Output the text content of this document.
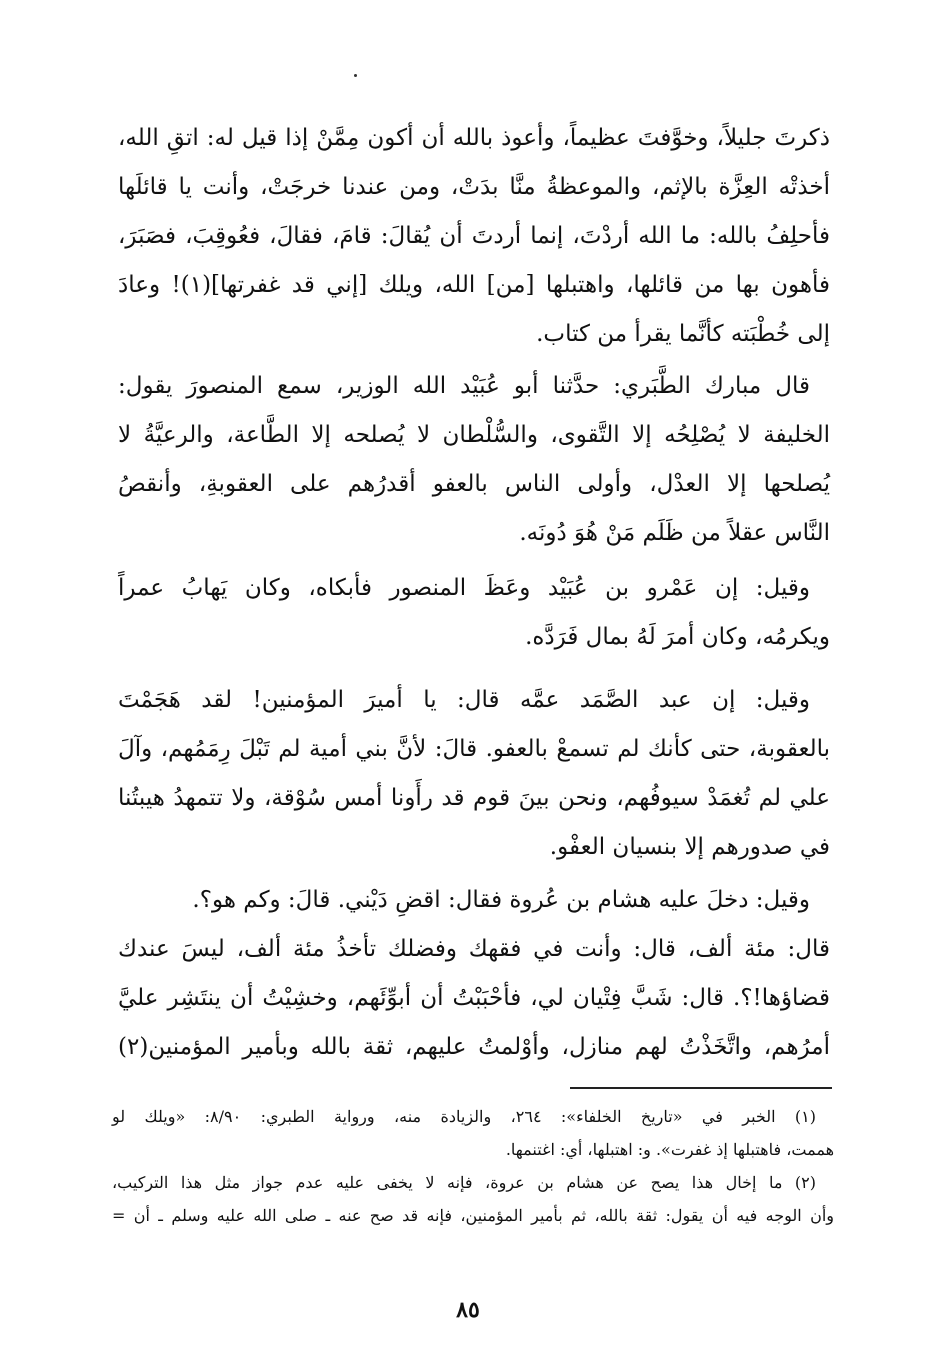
ذكرتَ جليلاً، وخوَّفتَ عظيماً، وأعوذ بالله أن أكون مِمَّنْ إذا قيل له: اتقِ الله،
أخذتْه العِزَّة بالإثم، والموعظةُ منَّا بدَتْ، ومن عندنا خرجَتْ، وأنت يا قائلَها
فأحلِفُ بالله: ما الله أردْتَ، إنما أردتَ أن يُقالَ: قامَ، فقالَ، فعُوقِبَ، فصَبَرَ،
فأهون بها من قائلها، واهتبلها [من] الله، ويلك [إني قد غفرتها](١)! وعادَ
إلى خُطْبَته كأنَّما يقرأ من كتاب.
قال مبارك الطَّبَري: حدَّثنا أبو عُبَيْد الله الوزير، سمع المنصورَ يقول:
الخليفة لا يُصْلِحُه إلا التَّقوى، والسُّلْطان لا يُصلحه إلا الطَّاعة، والرعيَّةُ لا
يُصلحها إلا العدْل، وأولى الناس بالعفو أقدرُهم على العقوبةِ، وأنقصُ
النَّاس عقلاً من ظَلَم مَنْ هُوَ دُونَه.
وقيل: إن عَمْرو بن عُبَيْد وعَظَ المنصور فأبكاه، وكان يَهابُ عمراً
ويكرمُه، وكان أمرَ لَهُ بمال فَرَدَّه.
وقيل: إن عبد الصَّمَد عمَّه قال: يا أميرَ المؤمنين! لقد هَجَمْتَ
بالعقوبة، حتى كأنك لم تسمعْ بالعفو. قالَ: لأنَّ بني أمية لم تَبْلَ رِمَمُهم، وآلَ
علي لم تُغمَدْ سيوفُهم، ونحن بينَ قوم قد رأَونا أمس سُوْقة، ولا تتمهدُ هيبتُنا
في صدورهم إلا بنسيان العفْو.
وقيل: دخلَ عليه هشام بن عُروة فقال: اقضِ دَيْني. قالَ: وكم هو؟.
قال: مئة ألف، قال: وأنت في فقهك وفضلك تأخذُ مئة ألف، ليسَ عندك
قضاؤها!؟. قال: شَبَّ فِتْيان لي، فأحْبَبْتُ أن أبوِّئَهم، وخشِيْتُ أن ينتَشِر عليَّ
أمرُهم، واتَّخَذْتُ لهم منازل، وأوْلمتُ عليهم، ثقة بالله وبأمير المؤمنين(٢)
(١) الخبر في «تاريخ الخلفاء»: ٢٦٤، والزيادة منه، ورواية الطبري: ٨/٩٠: «ويلك لو
هممت، فاهتبلها إذ غفرت». و: اهتبلها، أي: اغتنمها.
(٢) ما إخال هذا يصح عن هشام بن عروة، فإنه لا يخفى عليه عدم جواز مثل هذا التركيب،
وأن الوجه فيه أن يقول: ثقة بالله، ثم بأمير المؤمنين، فإنه قد صح عنه ـ صلى الله عليه وسلم ـ أن =
٨٥
